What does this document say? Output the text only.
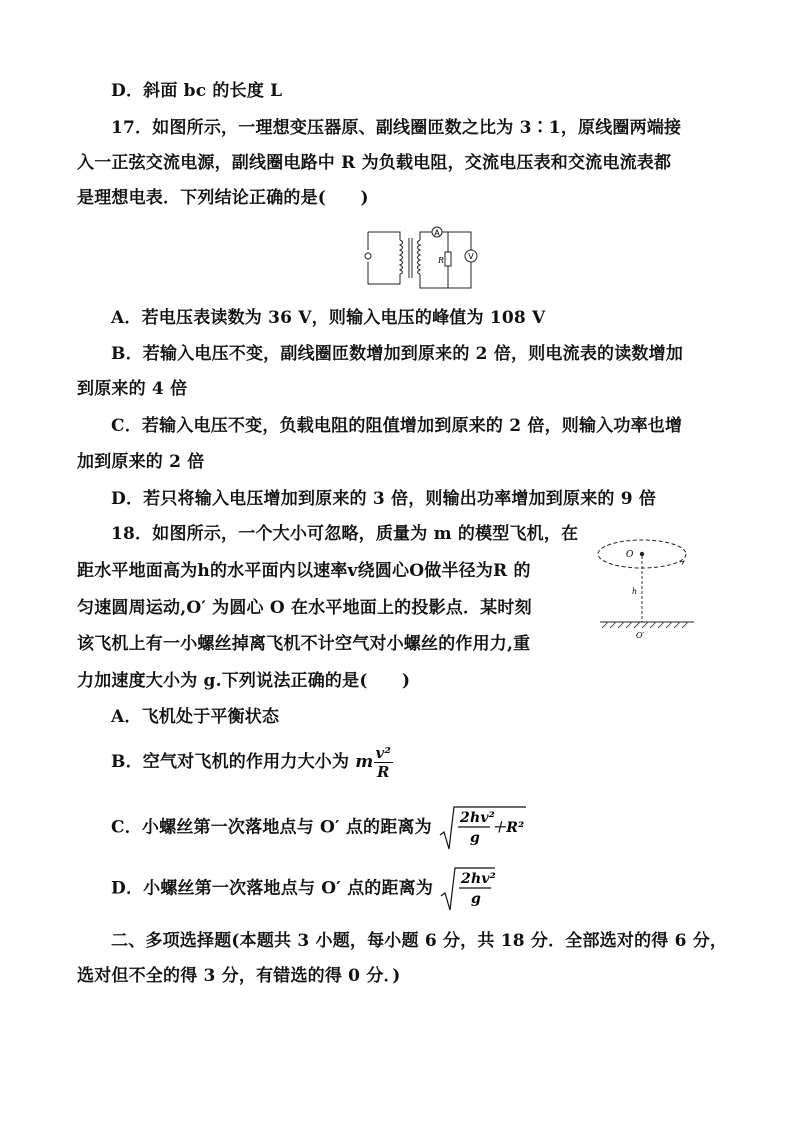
D．斜面 bc 的长度 L
17．如图所示，一理想变压器原、副线圈匝数之比为 3∶1，原线圈两端接
入一正弦交流电源，副线圈电路中 R 为负载电阻，交流电压表和交流电流表都
是理想电表．下列结论正确的是(　　)
A
R	V
A．若电压表读数为 36 V，则输入电压的峰值为 108 V
B．若输入电压不变，副线圈匝数增加到原来的 2 倍，则电流表的读数增加
到原来的 4 倍
C．若输入电压不变，负载电阻的阻值增加到原来的 2 倍，则输入功率也增
加到原来的 2 倍
D．若只将输入电压增加到原来的 3 倍，则输出功率增加到原来的 9 倍
18．如图所示，一个大小可忽略，质量为 m 的模型飞机，在
距水平地面高为h的水平面内以速率v绕圆心O做半径为R 的
匀速圆周运动,O′ 为圆心 O 在水平地面上的投影点．某时刻
该飞机上有一小螺丝掉离飞机不计空气对小螺丝的作用力,重
力加速度大小为 g.下列说法正确的是(　　)
O
h
O′
A．飞机处于平衡状态
B．空气对飞机的作用力大小为 m $\frac{\text{v²}}{R}$
C．小螺丝第一次落地点与 O′ 点的距离为 2hv²
g
＋R²
D．小螺丝第一次落地点与 O′ 点的距离为 2hv²
g
二、多项选择题(本题共 3 小题，每小题 6 分，共 18 分．全部选对的得 6 分，
选对但不全的得 3 分，有错选的得 0 分．)
